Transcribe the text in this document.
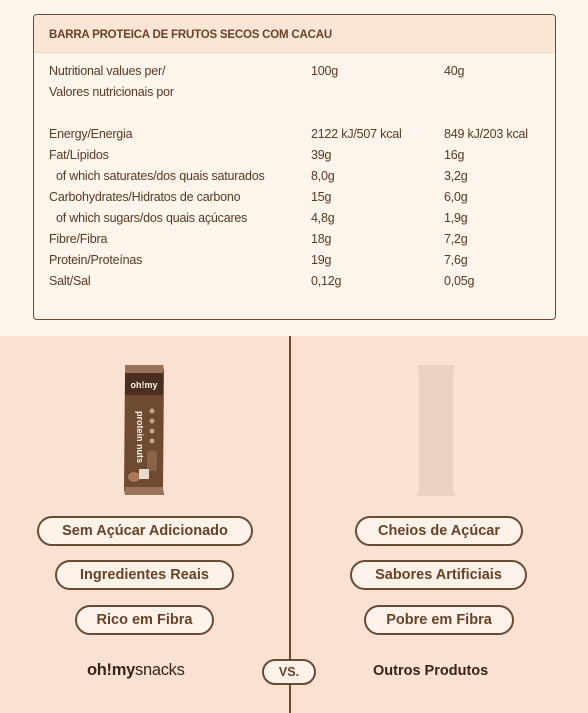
BARRA PROTEICA DE FRUTOS SECOS COM CACAU
Nutritional values per/	100g	40g
Valores nutricionais por
Energy/Energia	2122 kJ/507 kcal	849 kJ/203 kcal
Fat/Lípidos	39g	16g
of which saturates/dos quais saturados	8,0g	3,2g
Carbohydrates/Hidratos de carbono	15g	6,0g
of which sugars/dos quais açúcares	4,8g	1,9g
Fibre/Fibra	18g	7,2g
Protein/Proteínas	19g	7,6g
Salt/Sal	0,12g	0,05g
oh!my
protein nuts
Sem Açúcar Adicionado
Ingredientes Reais
Rico em Fibra
Cheios de Açúcar
Sabores Artificiais
Pobre em Fibra
oh!mysnacks	VS.	Outros Produtos
